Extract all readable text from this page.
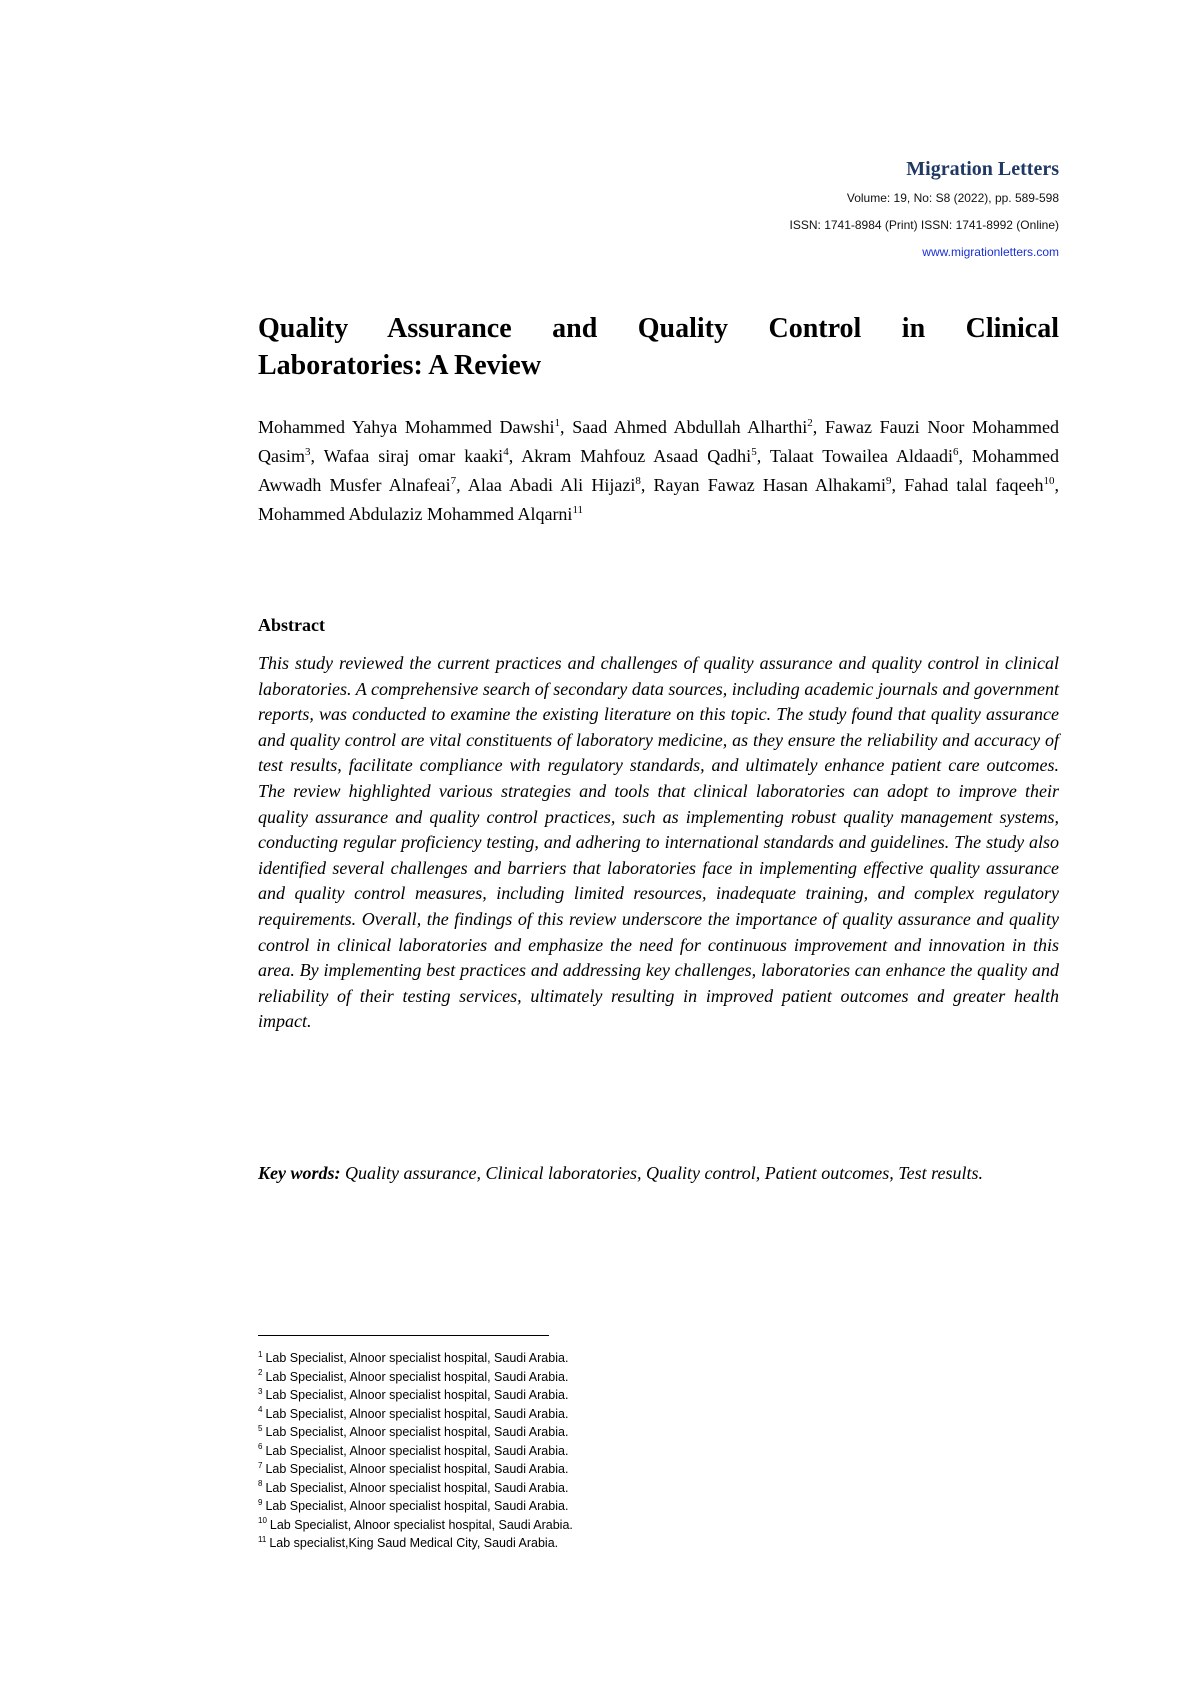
Migration Letters

Volume: 19, No: S8 (2022), pp. 589-598

ISSN: 1741-8984 (Print) ISSN: 1741-8992 (Online)

www.migrationletters.com

Quality Assurance and Quality Control in Clinical
Laboratories: A Review

Mohammed Yahya Mohammed Dawshi$^1$, Saad Ahmed Abdullah Alharthi$^2$, Fawaz Fauzi Noor Mohammed Qasim$^3$, Wafaa siraj omar kaaki$^4$, Akram Mahfouz Asaad Qadhi$^5$, Talaat Towailea Aldaadi$^6$, Mohammed Awwadh Musfer Alnafeai$^7$, Alaa Abadi Ali Hijazi$^8$, Rayan Fawaz Hasan Alhakami$^9$, Fahad talal faqeeh$^{10}$, Mohammed Abdulaziz Mohammed Alqarni$^{11}$

Abstract

This study reviewed the current practices and challenges of quality assurance and quality control in clinical laboratories. A comprehensive search of secondary data sources, including academic journals and government reports, was conducted to examine the existing literature on this topic. The study found that quality assurance and quality control are vital constituents of laboratory medicine, as they ensure the reliability and accuracy of test results, facilitate compliance with regulatory standards, and ultimately enhance patient care outcomes. The review highlighted various strategies and tools that clinical laboratories can adopt to improve their quality assurance and quality control practices, such as implementing robust quality management systems, conducting regular proficiency testing, and adhering to international standards and guidelines. The study also identified several challenges and barriers that laboratories face in implementing effective quality assurance and quality control measures, including limited resources, inadequate training, and complex regulatory requirements. Overall, the findings of this review underscore the importance of quality assurance and quality control in clinical laboratories and emphasize the need for continuous improvement and innovation in this area. By implementing best practices and addressing key challenges, laboratories can enhance the quality and reliability of their testing services, ultimately resulting in improved patient outcomes and greater health impact.

Key words: Quality assurance, Clinical laboratories, Quality control, Patient outcomes, Test results.

$^1$ Lab Specialist, Alnoor specialist hospital, Saudi Arabia.
$^2$ Lab Specialist, Alnoor specialist hospital, Saudi Arabia.
$^3$ Lab Specialist, Alnoor specialist hospital, Saudi Arabia.
$^4$ Lab Specialist, Alnoor specialist hospital, Saudi Arabia.
$^5$ Lab Specialist, Alnoor specialist hospital, Saudi Arabia.
$^6$ Lab Specialist, Alnoor specialist hospital, Saudi Arabia.
$^7$ Lab Specialist, Alnoor specialist hospital, Saudi Arabia.
$^8$ Lab Specialist, Alnoor specialist hospital, Saudi Arabia.
$^9$ Lab Specialist, Alnoor specialist hospital, Saudi Arabia.
$^{10}$ Lab Specialist, Alnoor specialist hospital, Saudi Arabia.
$^{11}$ Lab specialist,King Saud Medical City, Saudi Arabia.
